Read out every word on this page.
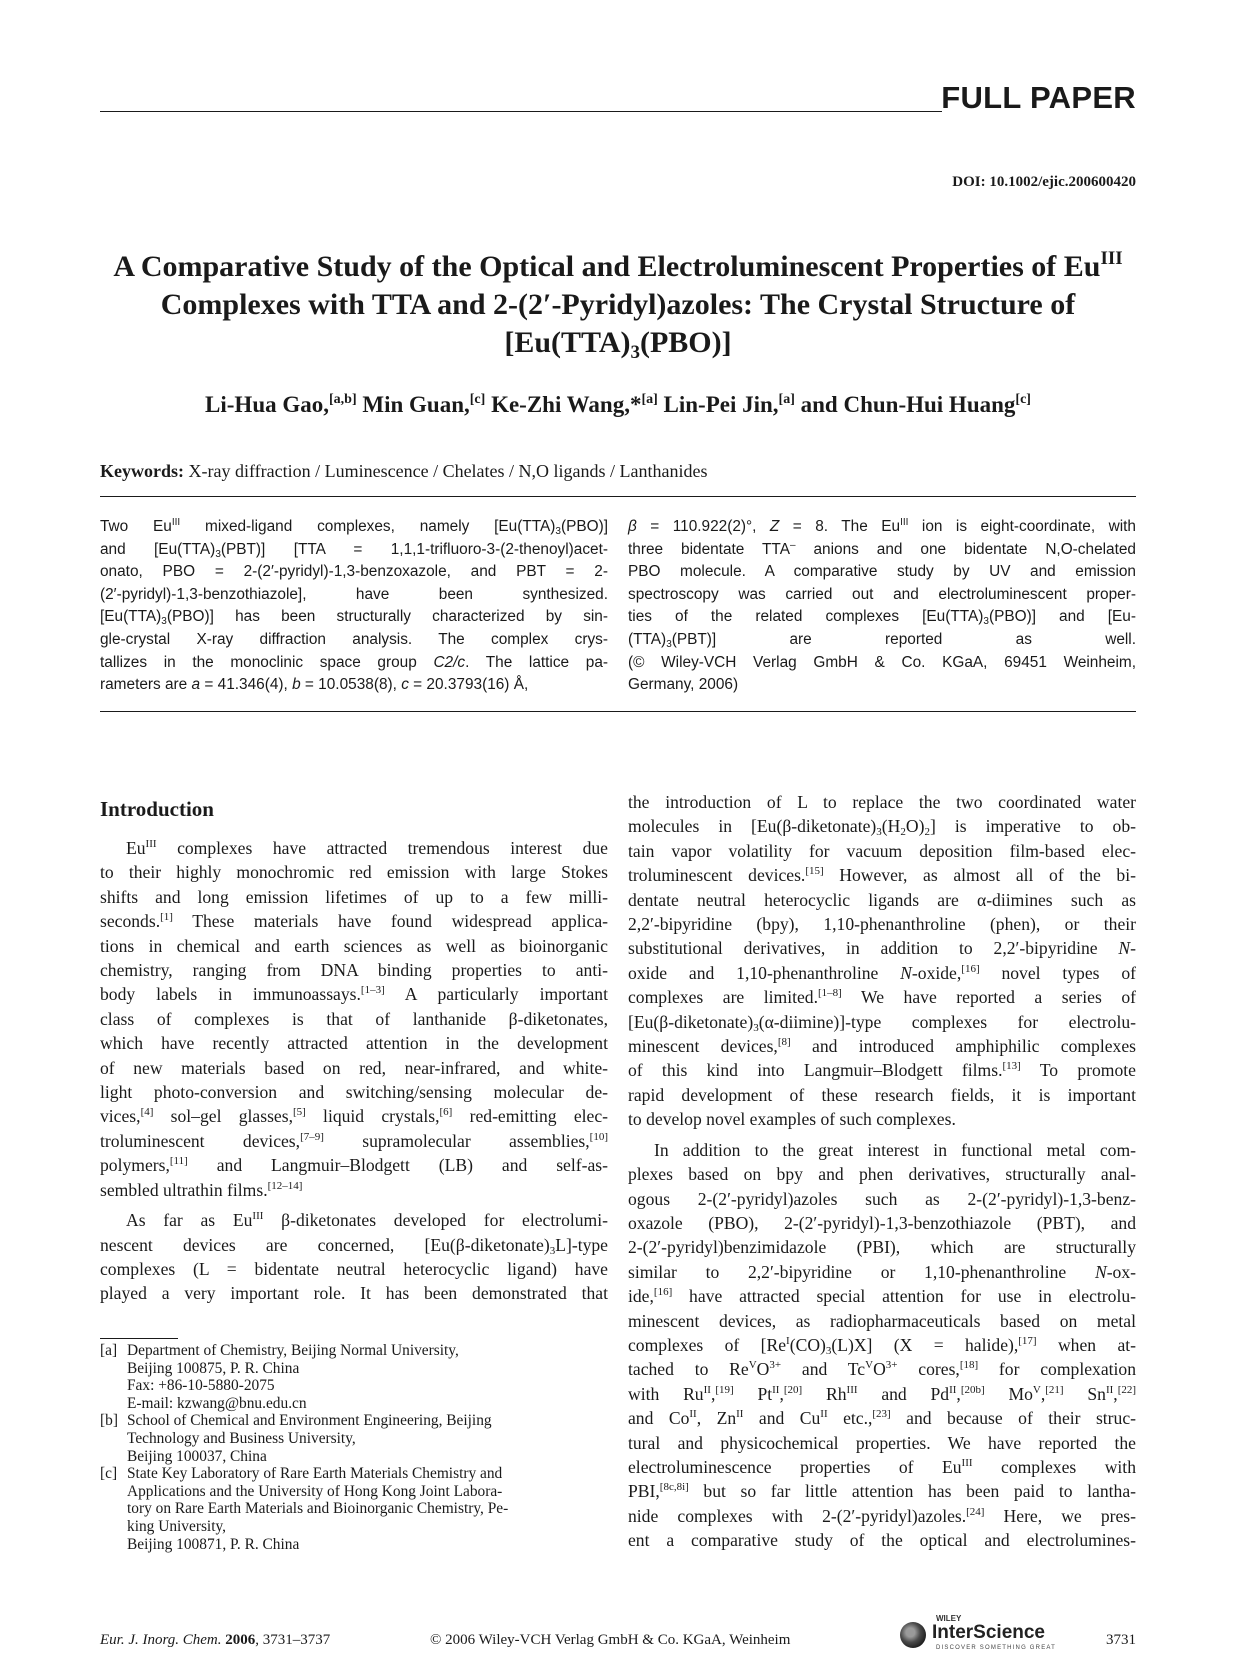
FULL PAPER
DOI: 10.1002/ejic.200600420
A Comparative Study of the Optical and Electroluminescent Properties of $Eu^{III}$
Complexes with TTA and 2-(2′-Pyridyl)azoles: The Crystal Structure of
$[Eu(TTA)_3(PBO)]$
Li-Hua Gao,[a,b] Min Guan,[c] Ke-Zhi Wang,*[a] Lin-Pei Jin,[a] and Chun-Hui Huang[c]
Keywords: X-ray diffraction / Luminescence / Chelates / N,O ligands / Lanthanides
Two $Eu^{III}$ mixed-ligand complexes, namely $[Eu(TTA)_3(PBO)]$
and $[Eu(TTA)_3(PBT)] [TTA$ = 1,1,1-trifluoro-3-(2-thenoyl)acet-
onato, PBO = 2-(2′-pyridyl)-1,3-benzoxazole, and PBT = 2-
(2′-pyridyl)-1,3-benzothiazole], have been synthesized.
$[Eu(TTA)_3(PBO)]$ has been structurally characterized by sin-
gle-crystal X-ray diffraction analysis. The complex crys-
tallizes in the monoclinic space group C2/c. The lattice pa-
rameters are a = 41.346(4), b = 10.0538(8), c = 20.3793(16) Å,
β = 110.922(2)°, Z = 8. The $Eu^{III}$ ion is eight-coordinate, with
three bidentate TTA– anions and one bidentate N,O-chelated
PBO molecule. A comparative study by UV and emission
spectroscopy was carried out and electroluminescent proper-
ties of the related complexes $[Eu(TTA)_3(PBO)]$ and [Eu-
$(TTA)_3(PBT)$] are reported as well.
(© Wiley-VCH Verlag GmbH & Co. KGaA, 69451 Weinheim,
Germany, 2006)
Introduction
$Eu^{III}$ complexes have attracted tremendous interest due
to their highly monochromic red emission with large Stokes
shifts and long emission lifetimes of up to a few milli-
seconds.[1] These materials have found widespread applica-
tions in chemical and earth sciences as well as bioinorganic
chemistry, ranging from DNA binding properties to anti-
body labels in immunoassays.[1–3] A particularly important
class of complexes is that of lanthanide β-diketonates,
which have recently attracted attention in the development
of new materials based on red, near-infrared, and white-
light photo-conversion and switching/sensing molecular de-
vices,[4] sol–gel glasses,[5] liquid crystals,[6] red-emitting elec-
troluminescent devices,[7–9] supramolecular assemblies,[10]
polymers,[11] and Langmuir–Blodgett (LB) and self-as-
sembled ultrathin films.[12–14]
As far as $Eu^{III}$ β-diketonates developed for electrolumi-
nescent devices are concerned, $[Eu(\beta-diketonate)_3L]$-type
complexes (L = bidentate neutral heterocyclic ligand) have
played a very important role. It has been demonstrated that
the introduction of L to replace the two coordinated water
molecules in $[Eu(\beta-diketonate)_3(H_2O)_2]$ is imperative to ob-
tain vapor volatility for vacuum deposition film-based elec-
troluminescent devices.[15] However, as almost all of the bi-
dentate neutral heterocyclic ligands are α-diimines such as
2,2′-bipyridine (bpy), 1,10-phenanthroline (phen), or their
substitutional derivatives, in addition to 2,2′-bipyridine N-
oxide and 1,10-phenanthroline N-oxide,[16] novel types of
complexes are limited.[1–8] We have reported a series of
$[Eu(\beta-diketonate)_3(\alpha-diimine)]$-type complexes for electrolu-
minescent devices,[8] and introduced amphiphilic complexes
of this kind into Langmuir–Blodgett films.[13] To promote
rapid development of these research fields, it is important
to develop novel examples of such complexes.
In addition to the great interest in functional metal com-
plexes based on bpy and phen derivatives, structurally anal-
ogous 2-(2′-pyridyl)azoles such as 2-(2′-pyridyl)-1,3-benz-
oxazole (PBO), 2-(2′-pyridyl)-1,3-benzothiazole (PBT), and
2-(2′-pyridyl)benzimidazole (PBI), which are structurally
similar to 2,2′-bipyridine or 1,10-phenanthroline N-ox-
ide,[16] have attracted special attention for use in electrolu-
minescent devices, as radiopharmaceuticals based on metal
complexes of $[Re^I(CO)_3(L)X] (X$ = halide),[17] when at-
tached to $Re^VO^{3+}$ and $Tc^VO^{3+}$ cores,[18] for complexation
with $Ru^{II},[19]$ $Pt^{II},[20]$ $Rh^{III}$ and $Pd^{II},[20b]$ $Mo^V,[21]$ $Sn^{II},[22]$
and $Co^{II}$, $Zn^{II}$ and $Cu^{II}$ etc.,[23] and because of their struc-
tural and physicochemical properties. We have reported the
electroluminescence properties of $Eu^{III}$ complexes with
PBI,[8c,8i] but so far little attention has been paid to lantha-
nide complexes with 2-(2′-pyridyl)azoles.[24] Here, we pres-
ent a comparative study of the optical and electrolumines-
[a] Department of Chemistry, Beijing Normal University,
Beijing 100875, P. R. China
Fax: +86-10-5880-2075
E-mail: kzwang@bnu.edu.cn
[b] School of Chemical and Environment Engineering, Beijing
Technology and Business University,
Beijing 100037, China
[c] State Key Laboratory of Rare Earth Materials Chemistry and
Applications and the University of Hong Kong Joint Labora-
tory on Rare Earth Materials and Bioinorganic Chemistry, Pe-
king University,
Beijing 100871, P. R. China
Eur. J. Inorg. Chem. 2006, 3731–3737	© 2006 Wiley-VCH Verlag GmbH & Co. KGaA, Weinheim
WILEY
InterScience
DISCOVER SOMETHING GREAT	3731
